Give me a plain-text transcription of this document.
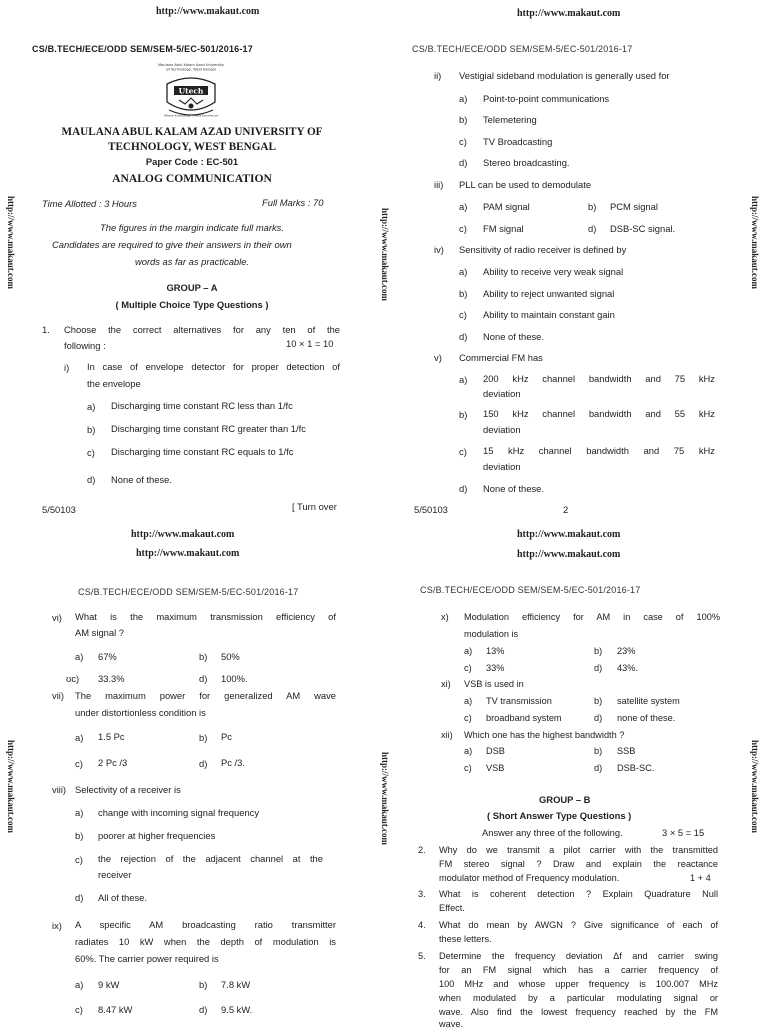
http://www.makaut.com
CS/B.TECH/ECE/ODD SEM/SEM-5/EC-501/2016-17
Maulana Abul Kalam Azad University
of Technology, West Bengal
Utech
Where Knowledge Meets Excellence
MAULANA ABUL KALAM AZAD UNIVERSITY OF
TECHNOLOGY, WEST BENGAL
Paper Code : EC-501
ANALOG COMMUNICATION
Time Allotted : 3 Hours	Full Marks : 70
The figures in the margin indicate full marks.
Candidates are required to give their answers in their own
words as far as practicable.
GROUP – A
( Multiple Choice Type Questions )
1. Choose the correct alternatives for any ten of the
following :	10 × 1 = 10
i) In case of envelope detector for proper detection of
the envelope
a) Discharging time constant RC less than 1/fc
b) Discharging time constant RC greater than 1/fc
c) Discharging time constant RC equals to 1/fc
d) None of these.
5/50103	[ Turn over
http://www.makaut.com	http://www.makaut.com
http://www.makaut.com
CS/B.TECH/ECE/ODD SEM/SEM-5/EC-501/2016-17
ii) Vestigial sideband modulation is generally used for
a) Point-to-point communications
b) Telemetering
c) TV Broadcasting
d) Stereo broadcasting.
iii) PLL can be used to demodulate
a) PAM signal	b) PCM signal
c) FM signal	d) DSB-SC signal.
iv) Sensitivity of radio receiver is defined by
a) Ability to receive very weak signal
b) Ability to reject unwanted signal
c) Ability to maintain constant gain
d) None of these.
v) Commercial FM has
a) 200 kHz channel bandwidth and 75 kHz
deviation
b) 150 kHz channel bandwidth and 55 kHz
deviation
c) 15 kHz channel bandwidth and 75 kHz
deviation
d) None of these.
5/50103	2
http://www.makaut.com
http://www.makaut.com
http://www.makaut.com
CS/B.TECH/ECE/ODD SEM/SEM-5/EC-501/2016-17
vi) What is the maximum transmission efficiency of
AM signal ?
a) 67%	b) 50%
ʊc) 33.3%	d) 100%.
vii) The maximum power for generalized AM wave
under distortionless condition is
a) 1.5 Pc	b) Pc
c) 2 Pc /3	d) Pc /3.
viii) Selectivity of a receiver is
a) change with incoming signal frequency
b) poorer at higher frequencies
c) the rejection of the adjacent channel at the
receiver
d) All of these.
ix) A specific AM broadcasting ratio transmitter
radiates 10 kW when the depth of modulation is
60%. The carrier power required is
a) 9 kW	b) 7.8 kW
c) 8.47 kW	d) 9.5 kW.
http://www.makaut.com	http://www.makaut.com
http://www.makaut.com
http://www.makaut.com
CS/B.TECH/ECE/ODD SEM/SEM-5/EC-501/2016-17
x) Modulation efficiency for AM in case of 100%
modulation is
a) 13%	b) 23%
c) 33%	d) 43%.
xi) VSB is used in
a) TV transmission	b) satellite system
c) broadband system	d) none of these.
xii) Which one has the highest bandwidth ?
a) DSB	b) SSB
c) VSB	d) DSB-SC.
GROUP – B
( Short Answer Type Questions )
Answer any three of the following.	3 × 5 = 15
2. Why do we transmit a pilot carrier with the transmitted
FM stereo signal ? Draw and explain the reactance
modulator method of Frequency modulation.	1 + 4
3. What is coherent detection ? Explain Quadrature Null
Effect.
4. What do mean by AWGN ? Give significance of each of
these letters.
5. Determine the frequency deviation Δf and carrier swing
for an FM signal which has a carrier frequency of
100 MHz and whose upper frequency is 100.007 MHz
when modulated by a particular modulating signal or
wave. Also find the lowest frequency reached by the FM
wave.
http://www.makaut.com
